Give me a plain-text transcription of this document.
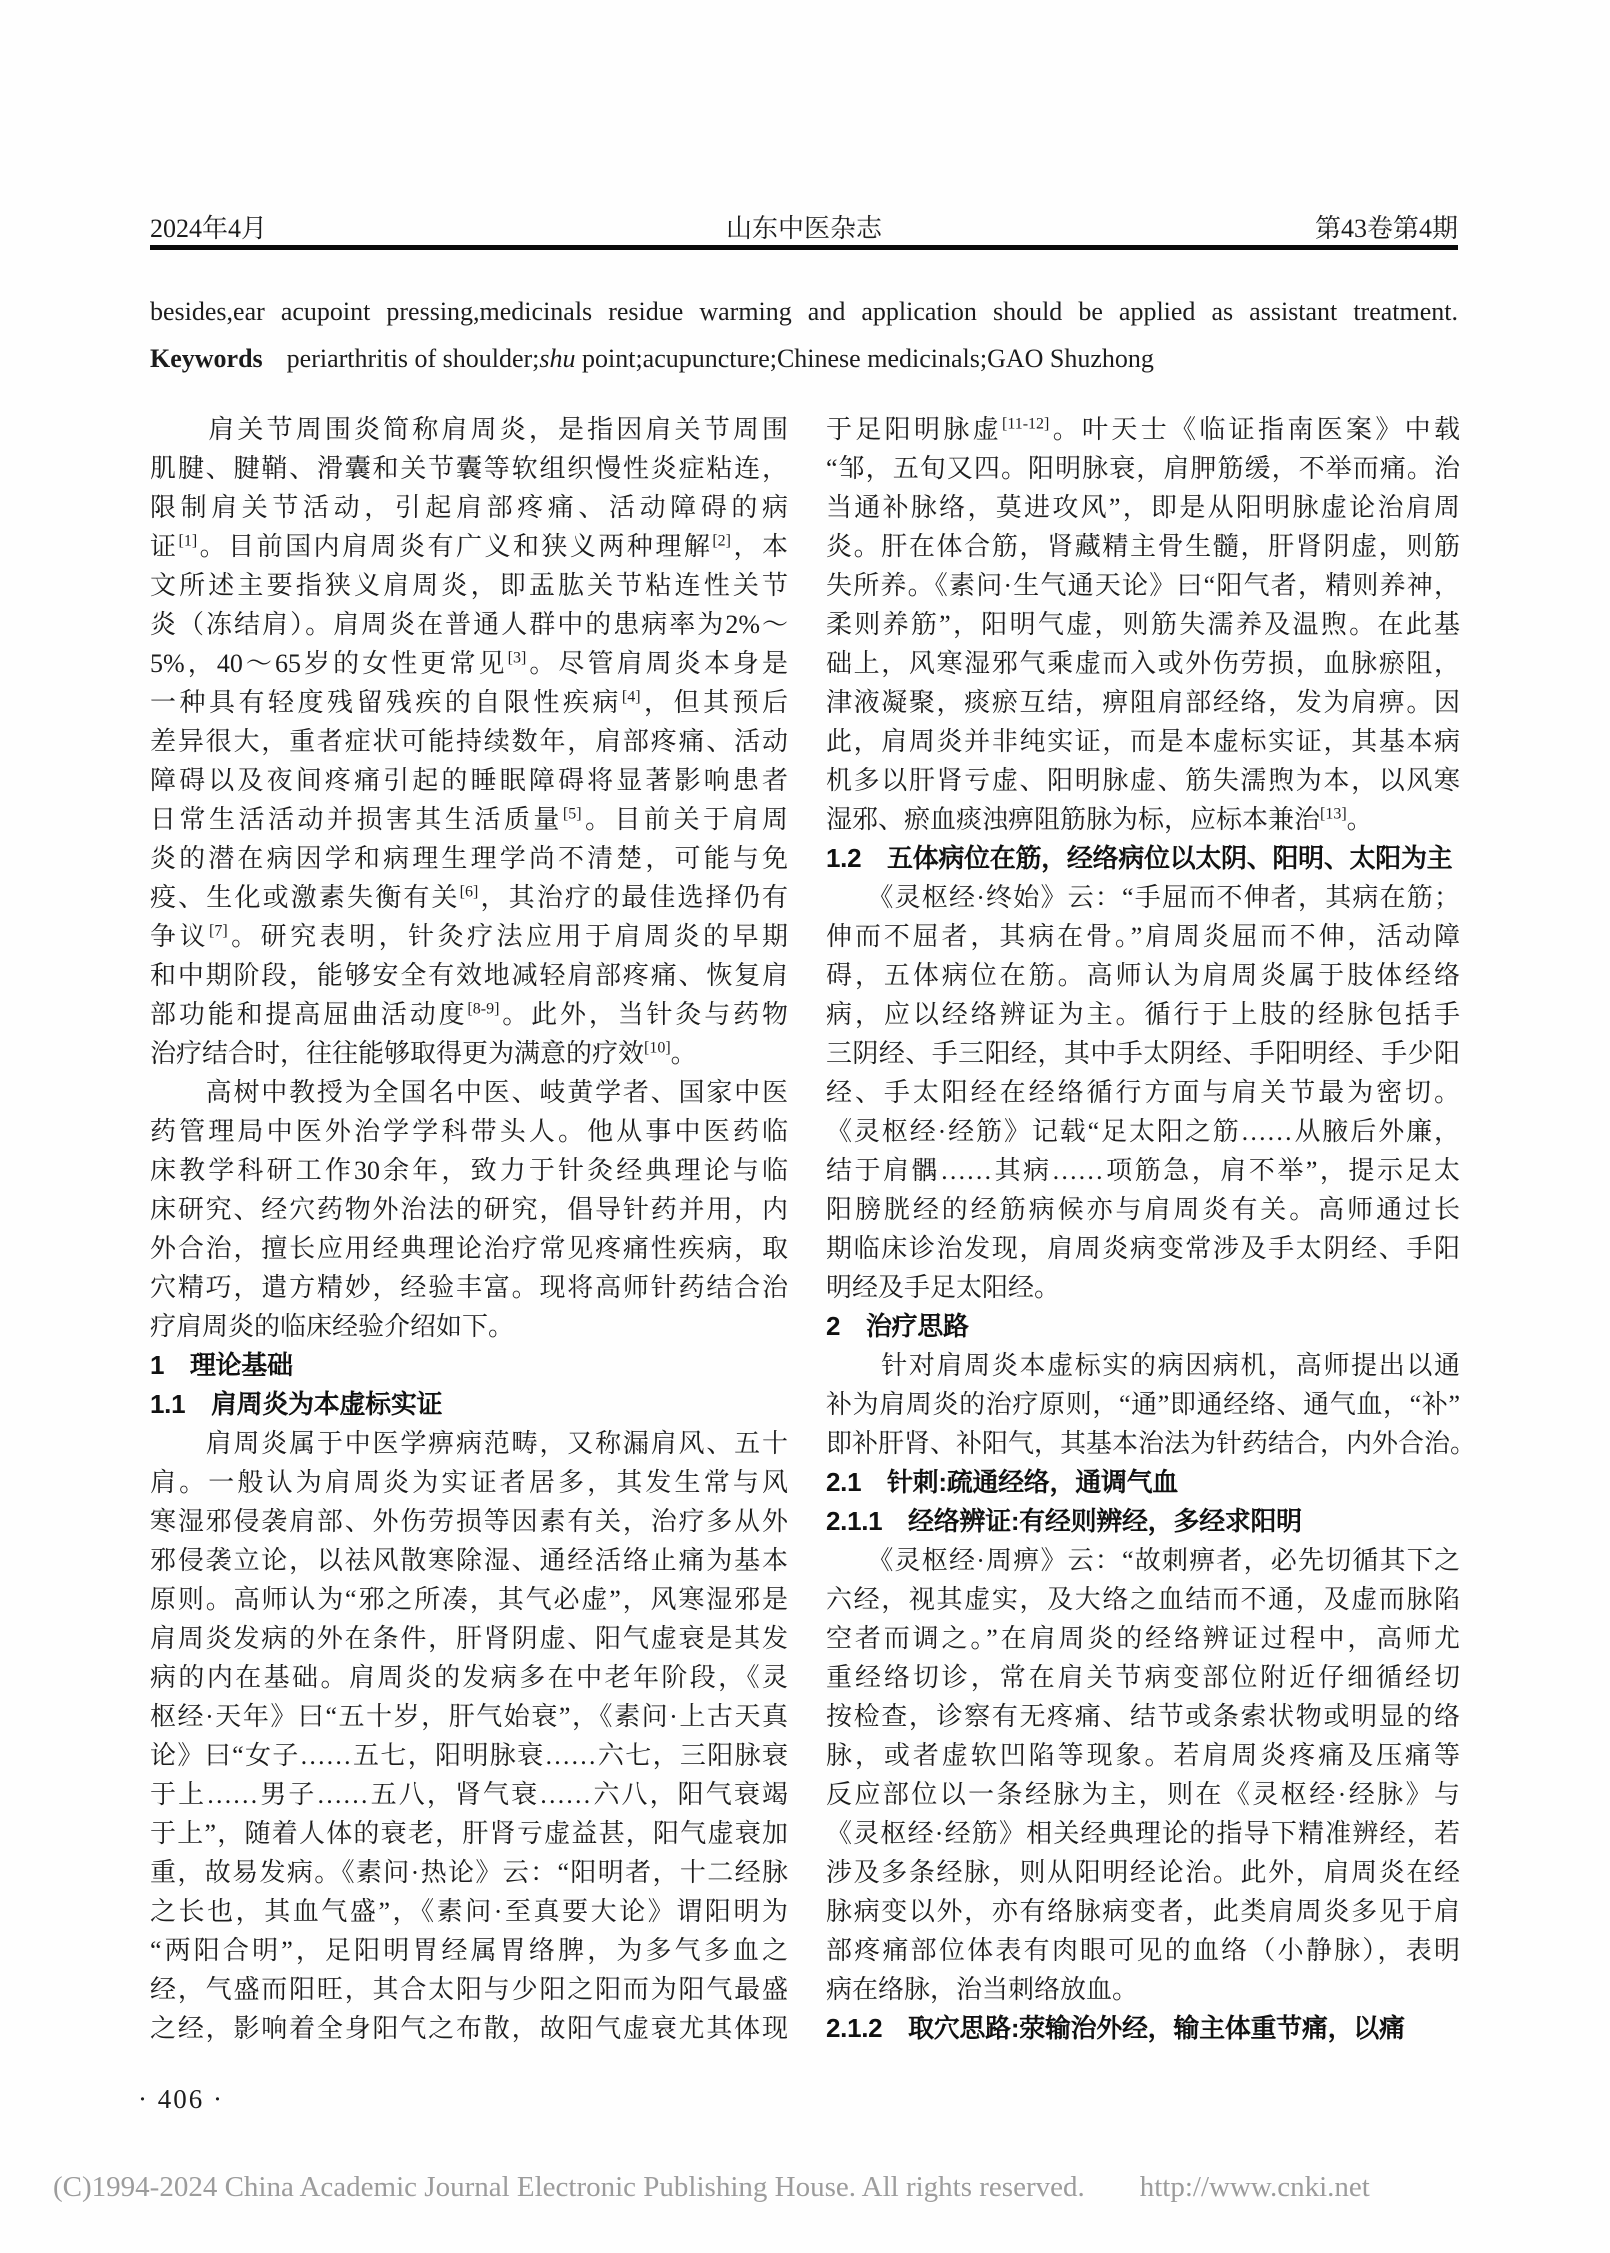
2024年4月	山东中医杂志	第43卷第4期
besides,ear acupoint pressing,medicinals residue warming and application should be applied as assistant treatment.
Keywords periarthritis of shoulder;shu point;acupuncture;Chinese medicinals;GAO Shuzhong
　　肩关节周围炎简称肩周炎，是指因肩关节周围
肌腱、腱鞘、滑囊和关节囊等软组织慢性炎症粘连，
限制肩关节活动，引起肩部疼痛、活动障碍的病
证[1]。目前国内肩周炎有广义和狭义两种理解[2]，本
文所述主要指狭义肩周炎，即盂肱关节粘连性关节
炎（冻结肩）。肩周炎在普通人群中的患病率为2%～
5%，40～65岁的女性更常见[3]。尽管肩周炎本身是
一种具有轻度残留残疾的自限性疾病[4]，但其预后
差异很大，重者症状可能持续数年，肩部疼痛、活动
障碍以及夜间疼痛引起的睡眠障碍将显著影响患者
日常生活活动并损害其生活质量[5]。目前关于肩周
炎的潜在病因学和病理生理学尚不清楚，可能与免
疫、生化或激素失衡有关[6]，其治疗的最佳选择仍有
争议[7]。研究表明，针灸疗法应用于肩周炎的早期
和中期阶段，能够安全有效地减轻肩部疼痛、恢复肩
部功能和提高屈曲活动度[8-9]。此外，当针灸与药物
治疗结合时，往往能够取得更为满意的疗效[10]。
　　高树中教授为全国名中医、岐黄学者、国家中医
药管理局中医外治学学科带头人。他从事中医药临
床教学科研工作30余年，致力于针灸经典理论与临
床研究、经穴药物外治法的研究，倡导针药并用，内
外合治，擅长应用经典理论治疗常见疼痛性疾病，取
穴精巧，遣方精妙，经验丰富。现将高师针药结合治
疗肩周炎的临床经验介绍如下。
1　理论基础
1.1　肩周炎为本虚标实证
　　肩周炎属于中医学痹病范畴，又称漏肩风、五十
肩。一般认为肩周炎为实证者居多，其发生常与风
寒湿邪侵袭肩部、外伤劳损等因素有关，治疗多从外
邪侵袭立论，以祛风散寒除湿、通经活络止痛为基本
原则。高师认为“邪之所凑，其气必虚”，风寒湿邪是
肩周炎发病的外在条件，肝肾阴虚、阳气虚衰是其发
病的内在基础。肩周炎的发病多在中老年阶段，《灵
枢经·天年》曰“五十岁，肝气始衰”，《素问·上古天真
论》曰“女子……五七，阳明脉衰……六七，三阳脉衰
于上……男子……五八，肾气衰……六八，阳气衰竭
于上”，随着人体的衰老，肝肾亏虚益甚，阳气虚衰加
重，故易发病。《素问·热论》云：“阳明者，十二经脉
之长也，其血气盛”，《素问·至真要大论》谓阳明为
“两阳合明”，足阳明胃经属胃络脾，为多气多血之
经，气盛而阳旺，其合太阳与少阳之阳而为阳气最盛
之经，影响着全身阳气之布散，故阳气虚衰尤其体现
于足阳明脉虚[11-12]。叶天士《临证指南医案》中载
“邹，五旬又四。阳明脉衰，肩胛筋缓，不举而痛。治
当通补脉络，莫进攻风”，即是从阳明脉虚论治肩周
炎。肝在体合筋，肾藏精主骨生髓，肝肾阴虚，则筋
失所养。《素问·生气通天论》曰“阳气者，精则养神，
柔则养筋”，阳明气虚，则筋失濡养及温煦。在此基
础上，风寒湿邪气乘虚而入或外伤劳损，血脉瘀阻，
津液凝聚，痰瘀互结，痹阻肩部经络，发为肩痹。因
此，肩周炎并非纯实证，而是本虚标实证，其基本病
机多以肝肾亏虚、阳明脉虚、筋失濡煦为本，以风寒
湿邪、瘀血痰浊痹阻筋脉为标，应标本兼治[13]。
1.2　五体病位在筋，经络病位以太阴、阳明、太阳为主
　　《灵枢经·终始》云：“手屈而不伸者，其病在筋；
伸而不屈者，其病在骨。”肩周炎屈而不伸，活动障
碍，五体病位在筋。高师认为肩周炎属于肢体经络
病，应以经络辨证为主。循行于上肢的经脉包括手
三阴经、手三阳经，其中手太阴经、手阳明经、手少阳
经、手太阳经在经络循行方面与肩关节最为密切。
《灵枢经·经筋》记载“足太阳之筋……从腋后外廉，
结于肩髃……其病……项筋急，肩不举”，提示足太
阳膀胱经的经筋病候亦与肩周炎有关。高师通过长
期临床诊治发现，肩周炎病变常涉及手太阴经、手阳
明经及手足太阳经。
2　治疗思路
　　针对肩周炎本虚标实的病因病机，高师提出以通
补为肩周炎的治疗原则，“通”即通经络、通气血，“补”
即补肝肾、补阳气，其基本治法为针药结合，内外合治。
2.1　针刺:疏通经络，通调气血
2.1.1　经络辨证:有经则辨经，多经求阳明
　　《灵枢经·周痹》云：“故刺痹者，必先切循其下之
六经，视其虚实，及大络之血结而不通，及虚而脉陷
空者而调之。”在肩周炎的经络辨证过程中，高师尤
重经络切诊，常在肩关节病变部位附近仔细循经切
按检查，诊察有无疼痛、结节或条索状物或明显的络
脉，或者虚软凹陷等现象。若肩周炎疼痛及压痛等
反应部位以一条经脉为主，则在《灵枢经·经脉》与
《灵枢经·经筋》相关经典理论的指导下精准辨经，若
涉及多条经脉，则从阳明经论治。此外，肩周炎在经
脉病变以外，亦有络脉病变者，此类肩周炎多见于肩
部疼痛部位体表有肉眼可见的血络（小静脉），表明
病在络脉，治当刺络放血。
2.1.2　取穴思路:荥输治外经，输主体重节痛，以痛
· 406 ·
(C)1994-2024 China Academic Journal Electronic Publishing House. All rights reserved. http://www.cnki.net
